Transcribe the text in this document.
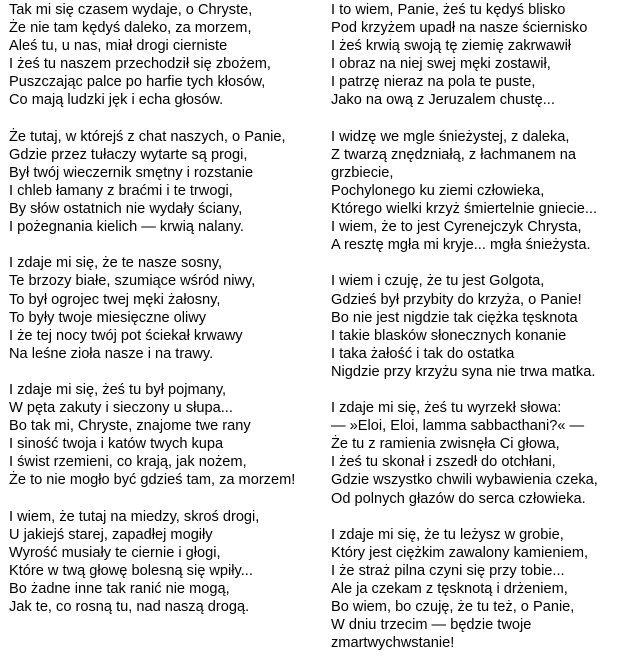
Tak mi się czasem wydaje, o Chryste,
Że nie tam kędyś daleko, za morzem,
Aleś tu, u nas, miał drogi cierniste
I żeś tu naszem przechodził się zbożem,
Puszczając palce po harfie tych kłosów,
Co mają ludzki jęk i echa głosów.
Że tutaj, w którejś z chat naszych, o Panie,
Gdzie przez tułaczy wytarte są progi,
Był twój wieczernik smętny i rozstanie
I chleb łamany z braćmi i te trwogi,
By słów ostatnich nie wydały ściany,
I pożegnania kielich — krwią nalany.
I zdaje mi się, że te nasze sosny,
Te brzozy białe, szumiące wśród niwy,
To był ogrojec twej męki żałosny,
To były twoje miesięczne oliwy
I że tej nocy twój pot ściekał krwawy
Na leśne zioła nasze i na trawy.
I zdaje mi się, żeś tu był pojmany,
W pęta zakuty i sieczony u słupa...
Bo tak mi, Chryste, znajome twe rany
I siność twoja i katów twych kupa
I świst rzemieni, co krają, jak nożem,
Że to nie mogło być gdzieś tam, za morzem!
I wiem, że tutaj na miedzy, skroś drogi,
U jakiejś starej, zapadłej mogiły
Wyrość musiały te ciernie i głogi,
Które w twą głowę bolesną się wpiły...
Bo żadne inne tak ranić nie mogą,
Jak te, co rosną tu, nad naszą drogą.
I to wiem, Panie, żeś tu kędyś blisko
Pod krzyżem upadł na nasze ściernisko
I żeś krwią swoją tę ziemię zakrwawił
I obraz na niej swej męki zostawił,
I patrzę nieraz na pola te puste,
Jako na ową z Jeruzalem chustę...
I widzę we mgle śnieżystej, z daleka,
Z twarzą znędzniałą, z łachmanem na grzbiecie,
Pochylonego ku ziemi człowieka,
Którego wielki krzyż śmiertelnie gniecie...
I wiem, że to jest Cyrenejczyk Chrysta,
A resztę mgła mi kryje... mgła śnieżysta.
I wiem i czuję, że tu jest Golgota,
Gdzieś był przybity do krzyża, o Panie!
Bo nie jest nigdzie tak ciężka tęsknota
I takie blasków słonecznych konanie
I taka żałość i tak do ostatka
Nigdzie przy krzyżu syna nie trwa matka.
I zdaje mi się, żeś tu wyrzekł słowa:
— »Eloi, Eloi, lamma sabbacthani?« —
Że tu z ramienia zwisnęła Ci głowa,
I żeś tu skonał i zszedł do otchłani,
Gdzie wszystko chwili wybawienia czeka,
Od polnych głazów do serca człowieka.
I zdaje mi się, że tu leżysz w grobie,
Który jest ciężkim zawalony kamieniem,
I że straż pilna czyni się przy tobie...
Ale ja czekam z tęsknotą i drżeniem,
Bo wiem, bo czuję, że tu też, o Panie,
W dniu trzecim — będzie twoje zmartwychwstanie!
